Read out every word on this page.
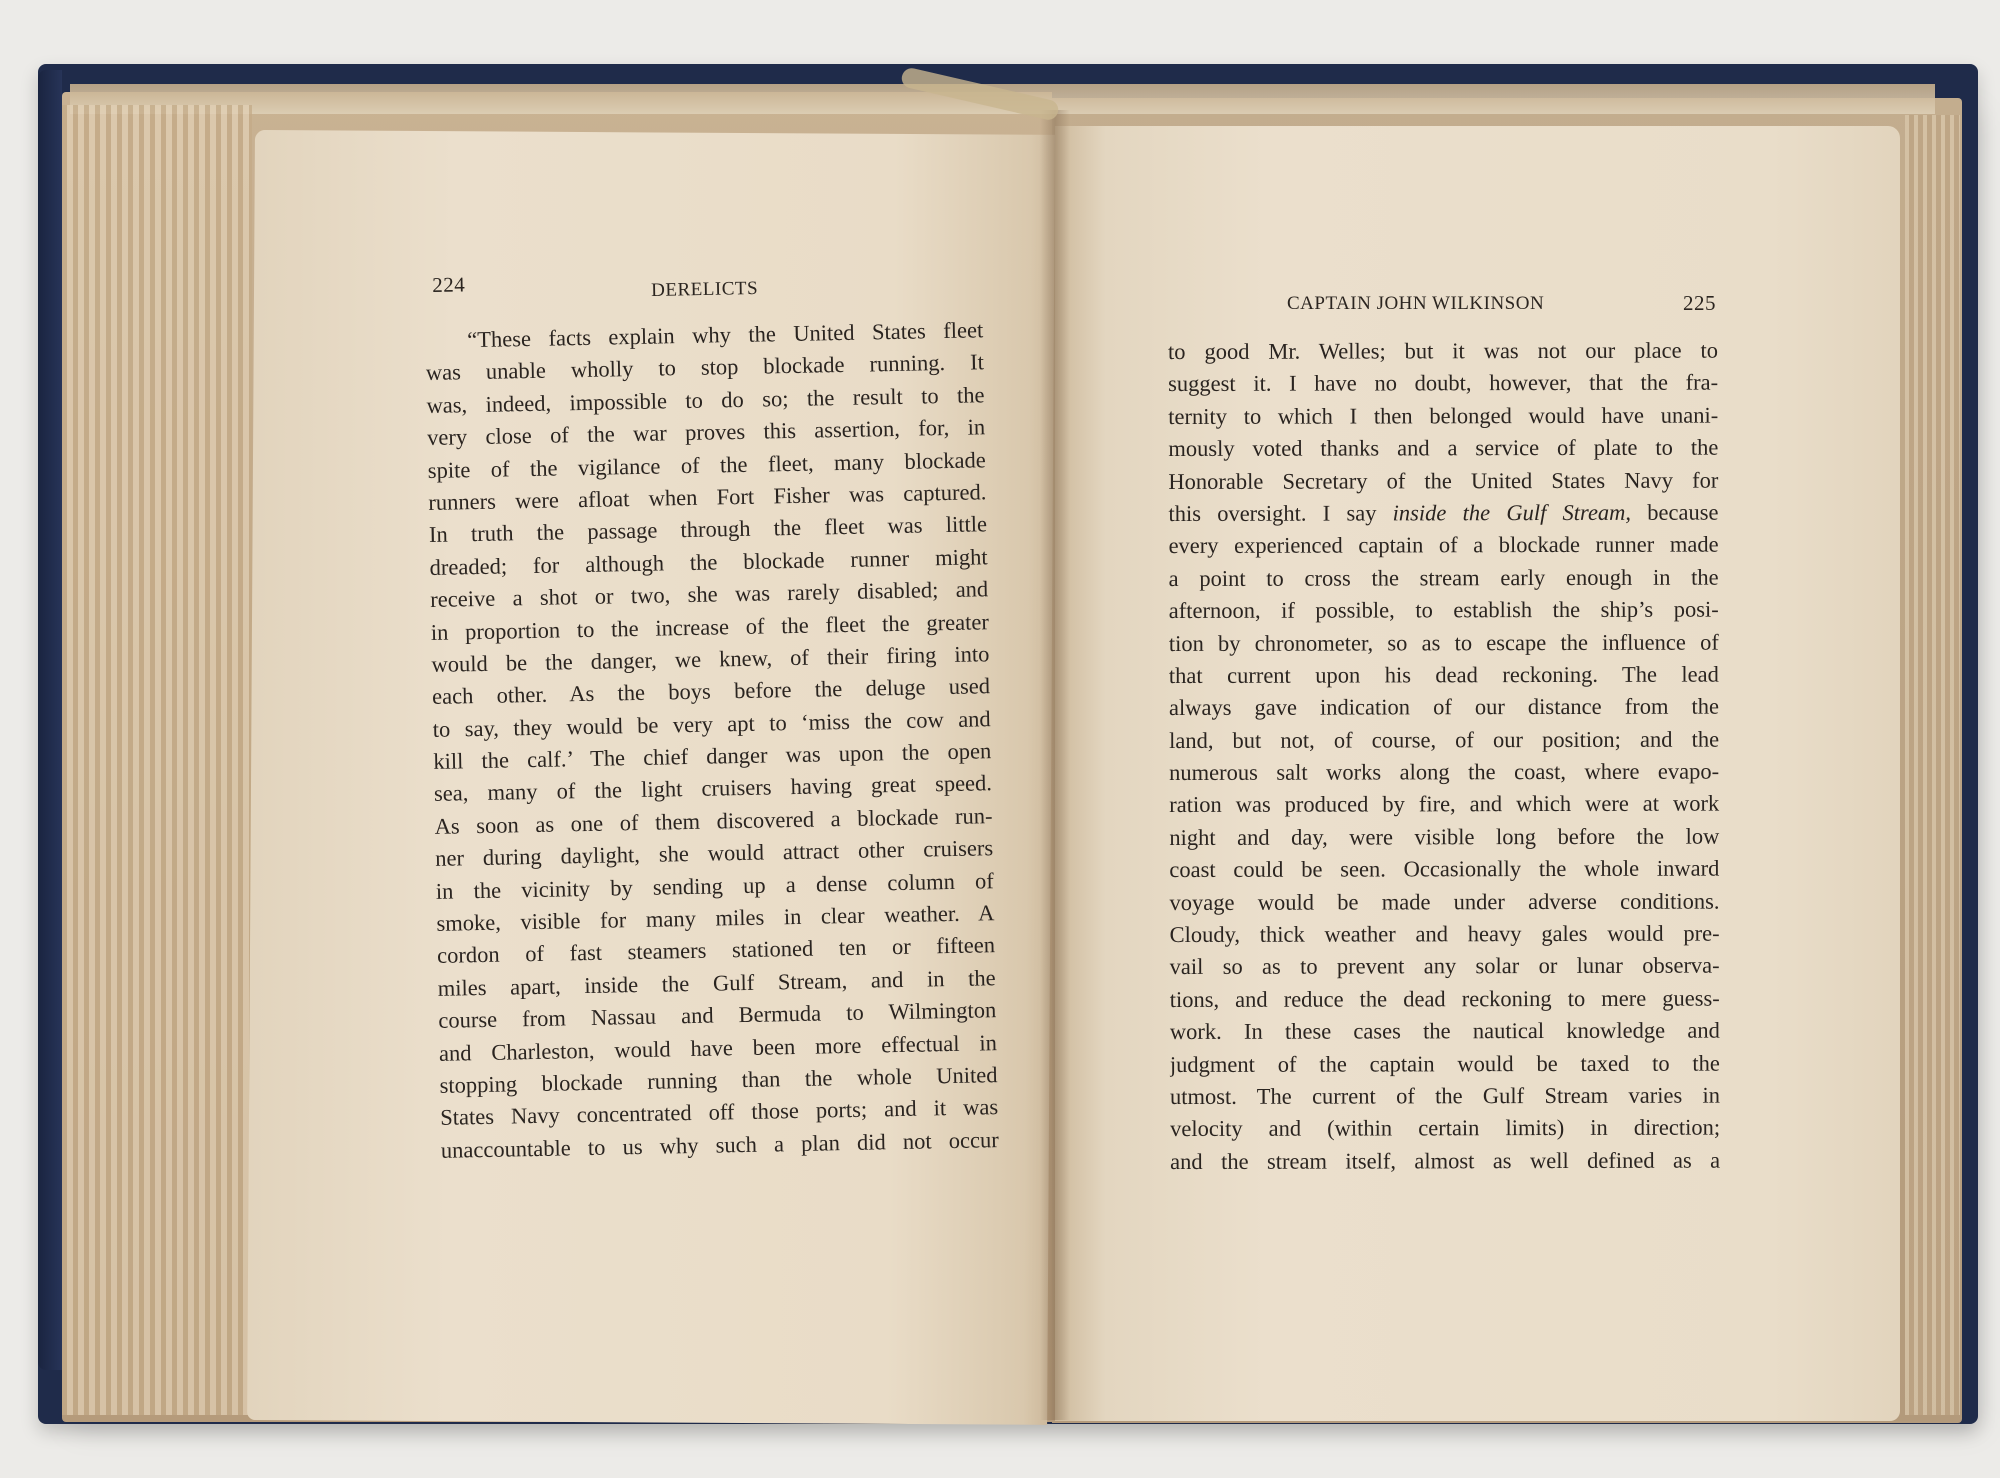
224	DERELICTS
CAPTAIN JOHN WILKINSON	225
“These facts explain why the United States fleet
was unable wholly to stop blockade running. It
was, indeed, impossible to do so; the result to the
very close of the war proves this assertion, for, in
spite of the vigilance of the fleet, many blockade
runners were afloat when Fort Fisher was captured.
In truth the passage through the fleet was little
dreaded; for although the blockade runner might
receive a shot or two, she was rarely disabled; and
in proportion to the increase of the fleet the greater
would be the danger, we knew, of their firing into
each other. As the boys before the deluge used
to say, they would be very apt to ‘miss the cow and
kill the calf.’ The chief danger was upon the open
sea, many of the light cruisers having great speed.
As soon as one of them discovered a blockade run-
ner during daylight, she would attract other cruisers
in the vicinity by sending up a dense column of
smoke, visible for many miles in clear weather. A
cordon of fast steamers stationed ten or fifteen
miles apart, inside the Gulf Stream, and in the
course from Nassau and Bermuda to Wilmington
and Charleston, would have been more effectual in
stopping blockade running than the whole United
States Navy concentrated off those ports; and it was
unaccountable to us why such a plan did not occur
to good Mr. Welles; but it was not our place to
suggest it. I have no doubt, however, that the fra-
ternity to which I then belonged would have unani-
mously voted thanks and a service of plate to the
Honorable Secretary of the United States Navy for
this oversight. I say inside the Gulf Stream, because
every experienced captain of a blockade runner made
a point to cross the stream early enough in the
afternoon, if possible, to establish the ship’s posi-
tion by chronometer, so as to escape the influence of
that current upon his dead reckoning. The lead
always gave indication of our distance from the
land, but not, of course, of our position; and the
numerous salt works along the coast, where evapo-
ration was produced by fire, and which were at work
night and day, were visible long before the low
coast could be seen. Occasionally the whole inward
voyage would be made under adverse conditions.
Cloudy, thick weather and heavy gales would pre-
vail so as to prevent any solar or lunar observa-
tions, and reduce the dead reckoning to mere guess-
work. In these cases the nautical knowledge and
judgment of the captain would be taxed to the
utmost. The current of the Gulf Stream varies in
velocity and (within certain limits) in direction;
and the stream itself, almost as well defined as a
